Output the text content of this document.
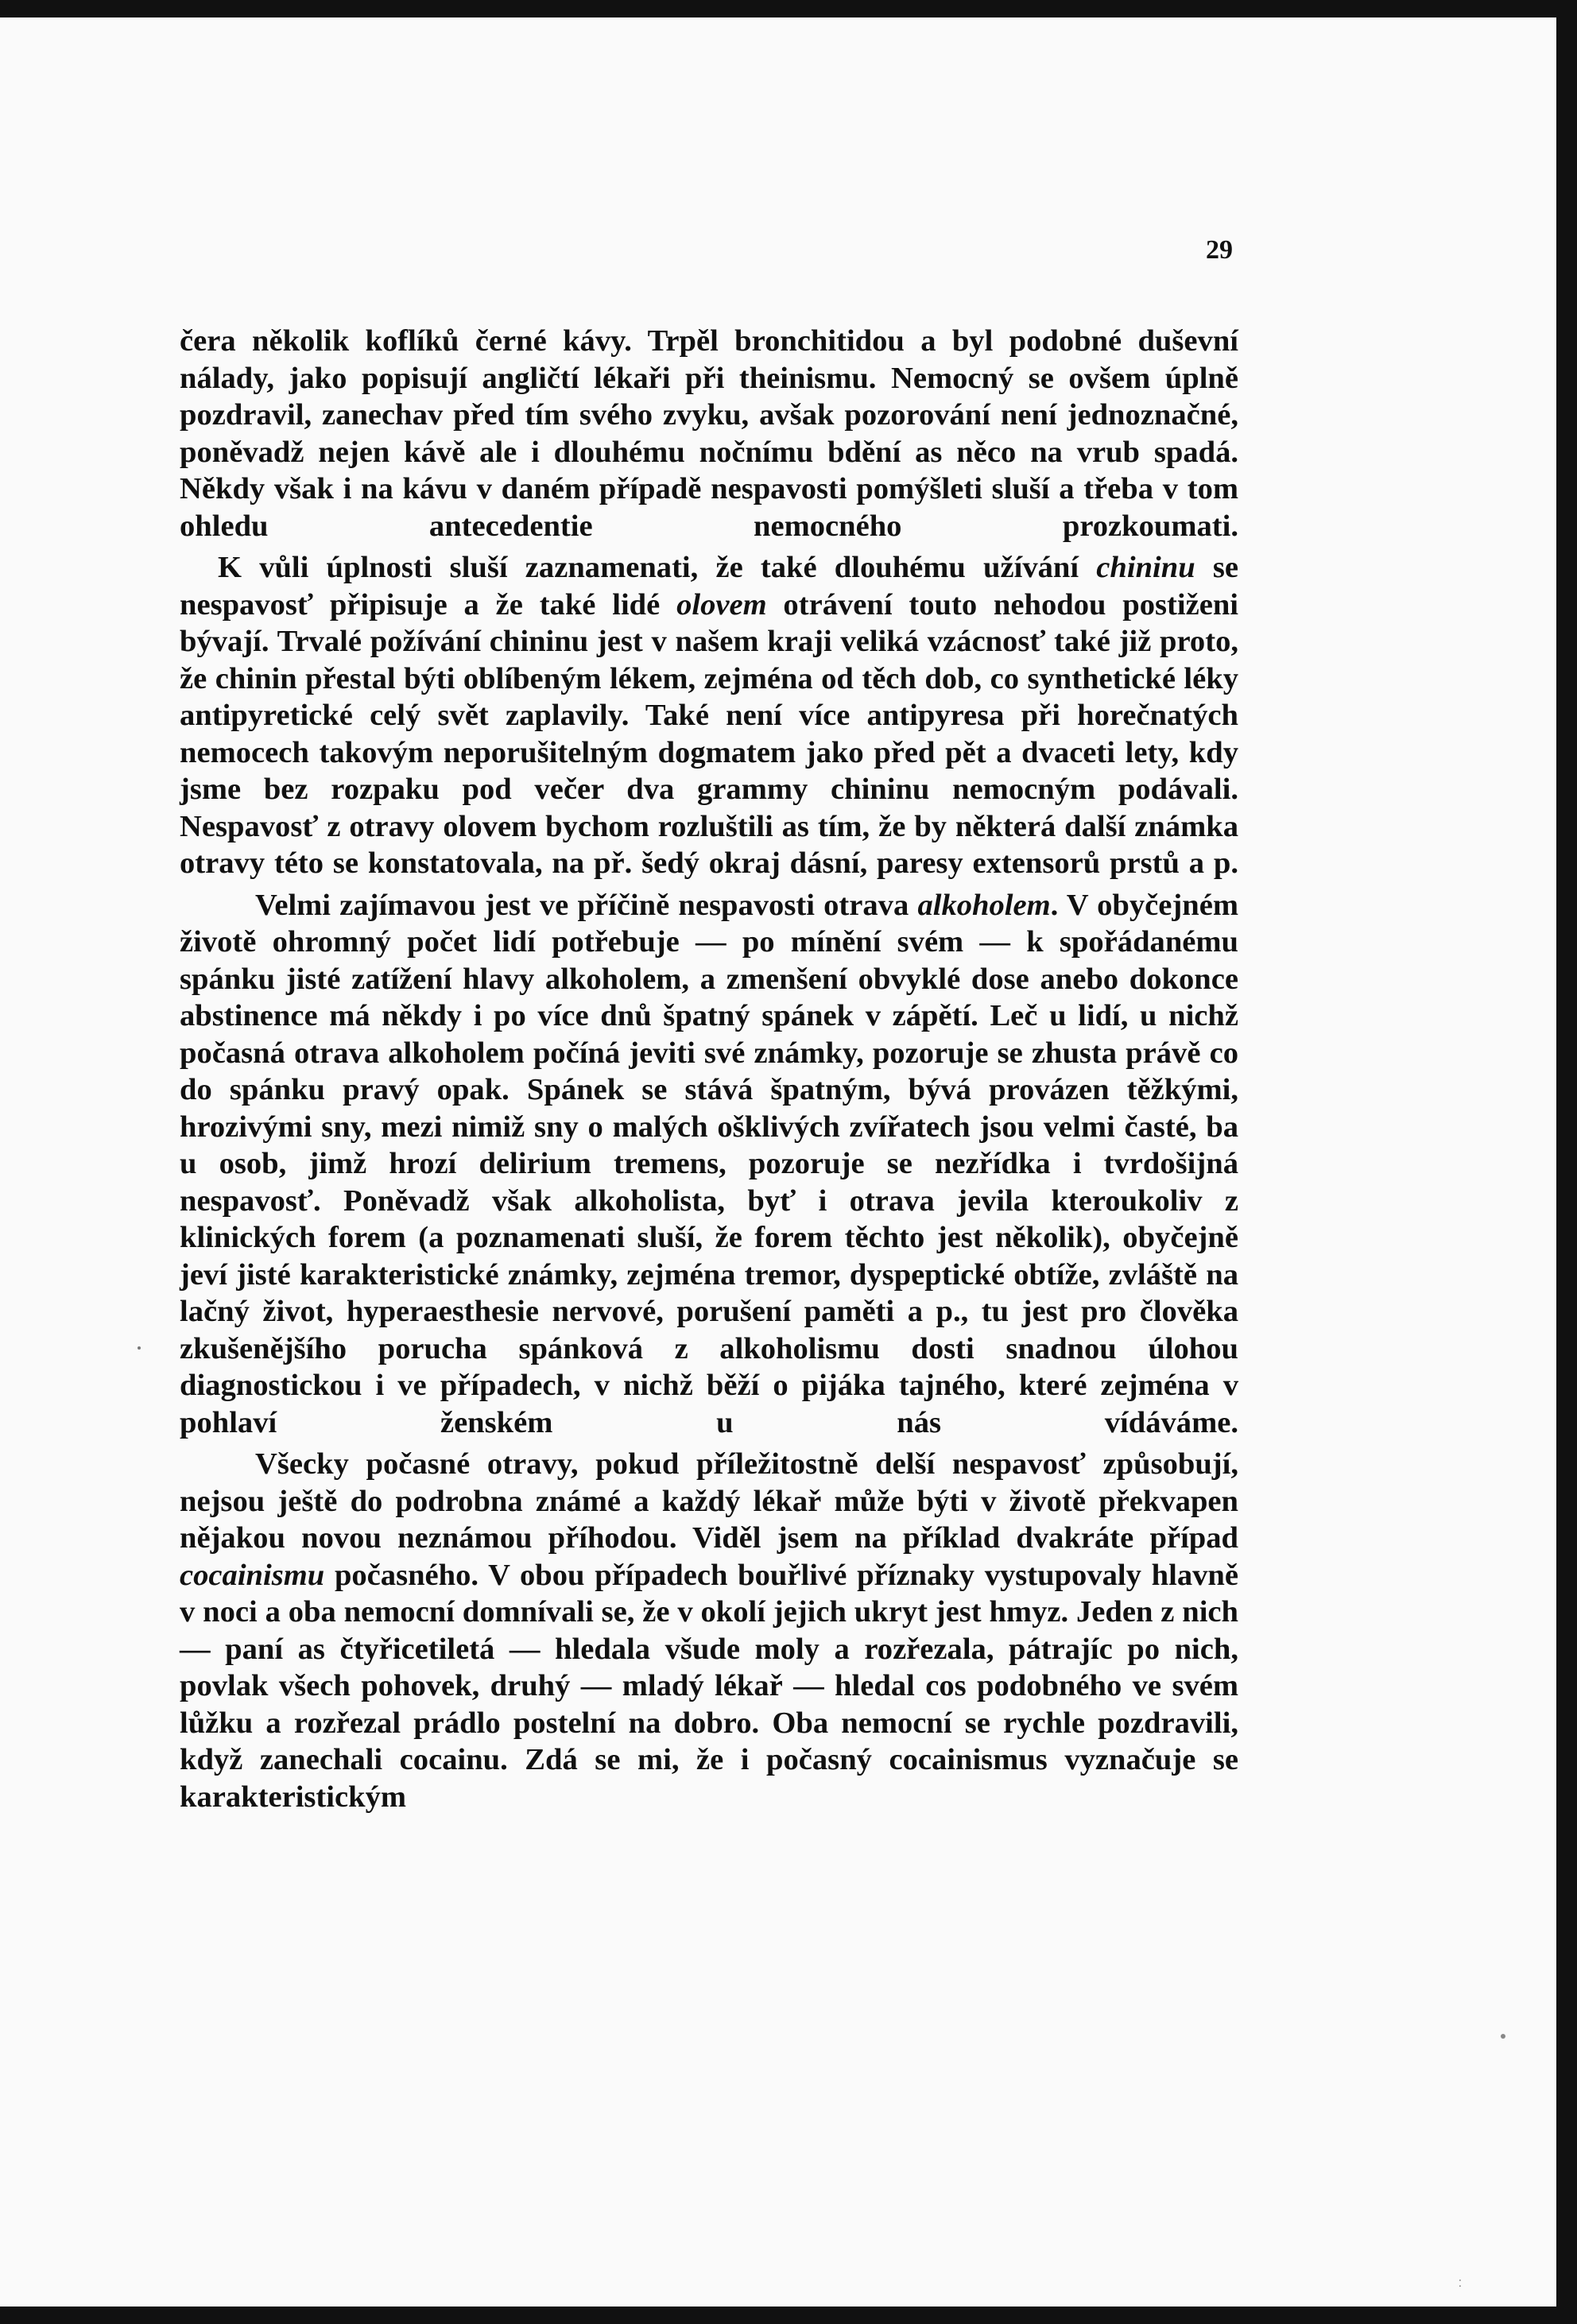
29

čera několik koflíků černé kávy. Trpěl bronchitidou a byl podobné duševní nálady, jako popisují angličtí lékaři při theinismu. Nemocný se ovšem úplně pozdravil, zanechav před tím svého zvyku, avšak pozorování není jednoznačné, poněvadž nejen kávě ale i dlouhému nočnímu bdění as něco na vrub spadá. Někdy však i na kávu v daném případě nespavosti pomýšleti sluší a třeba v tom ohledu antecedentie nemocného prozkoumati.

K vůli úplnosti sluší zaznamenati, že také dlouhému užívání chininu se nespavosť připisuje a že také lidé olovem otrávení touto nehodou postiženi bývají. Trvalé požívání chininu jest v našem kraji veliká vzácnosť také již proto, že chinin přestal býti oblíbeným lékem, zejména od těch dob, co synthetické léky antipyretické celý svět zaplavily. Také není více antipyresa při horečnatých nemocech takovým neporušitelným dogmatem jako před pět a dvaceti lety, kdy jsme bez rozpaku pod večer dva grammy chininu nemocným podávali. Nespavosť z otravy olovem bychom rozluštili as tím, že by některá další známka otravy této se konstatovala, na př. šedý okraj dásní, paresy extensorů prstů a p.

Velmi zajímavou jest ve příčině nespavosti otrava alkoholem. V obyčejném životě ohromný počet lidí potřebuje — po mínění svém — k spořádanému spánku jisté zatížení hlavy alkoholem, a zmenšení obvyklé dose anebo dokonce abstinence má někdy i po více dnů špatný spánek v zápětí. Leč u lidí, u nichž počasná otrava alkoholem počíná jeviti své známky, pozoruje se zhusta právě co do spánku pravý opak. Spánek se stává špatným, bývá provázen těžkými, hrozivými sny, mezi nimiž sny o malých ošklivých zvířatech jsou velmi časté, ba u osob, jimž hrozí delirium tremens, pozoruje se nezřídka i tvrdošijná nespavosť. Poněvadž však alkoholista, byť i otrava jevila kteroukoliv z klinických forem (a poznamenati sluší, že forem těchto jest několik), obyčejně jeví jisté karakteristické známky, zejména tremor, dyspeptické obtíže, zvláště na lačný život, hyperaesthesie nervové, porušení paměti a p., tu jest pro člověka zkušenějšího porucha spánková z alkoholismu dosti snadnou úlohou diagnostickou i ve případech, v nichž běží o pijáka tajného, které zejména v pohlaví ženském u nás vídáváme.

Všecky počasné otravy, pokud příležitostně delší nespavosť způsobují, nejsou ještě do podrobna známé a každý lékař může býti v životě překvapen nějakou novou neznámou příhodou. Viděl jsem na příklad dvakráte případ cocainismu počasného. V obou případech bouřlivé příznaky vystupovaly hlavně v noci a oba nemocní domnívali se, že v okolí jejich ukryt jest hmyz. Jeden z nich — paní as čtyřicetiletá — hledala všude moly a rozřezala, pátrajíc po nich, povlak všech pohovek, druhý — mladý lékař — hledal cos podobného ve svém lůžku a rozřezal prádlo postelní na dobro. Oba nemocní se rychle pozdravili, když zanechali cocainu. Zdá se mi, že i počasný cocainismus vyznačuje se karakteristickým

⁚
